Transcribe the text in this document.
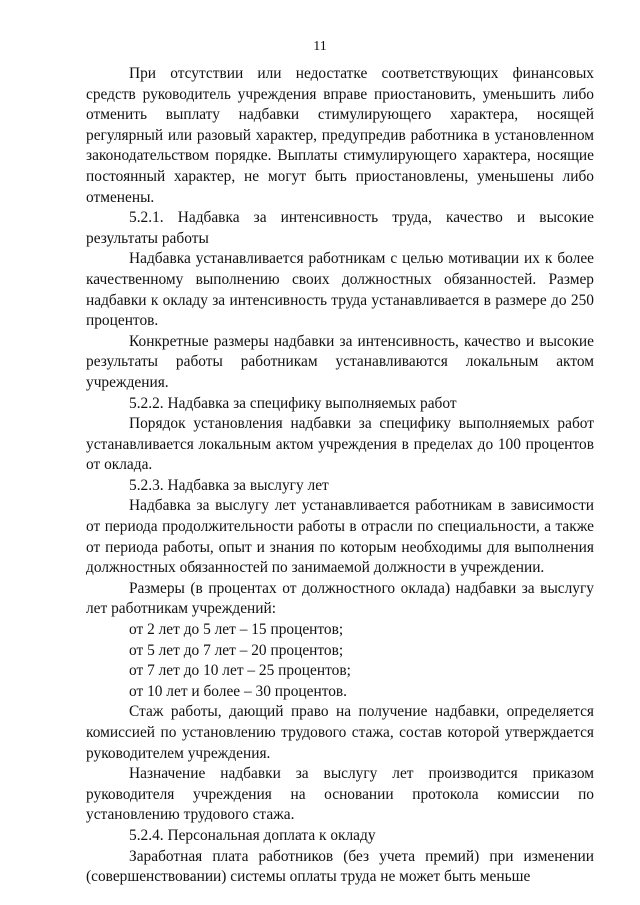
11

При отсутствии или недостатке соответствующих финансовых средств руководитель учреждения вправе приостановить, уменьшить либо отменить выплату надбавки стимулирующего характера, носящей регулярный или разовый характер, предупредив работника в установленном законодательством порядке. Выплаты стимулирующего характера, носящие постоянный характер, не могут быть приостановлены, уменьшены либо отменены.

5.2.1. Надбавка за интенсивность труда, качество и высокие результаты работы

Надбавка устанавливается работникам с целью мотивации их к более качественному выполнению своих должностных обязанностей. Размер надбавки к окладу за интенсивность труда устанавливается в размере до 250 процентов.

Конкретные размеры надбавки за интенсивность, качество и высокие результаты работы работникам устанавливаются локальным актом учреждения.

5.2.2. Надбавка за специфику выполняемых работ

Порядок установления надбавки за специфику выполняемых работ устанавливается локальным актом учреждения в пределах до 100 процентов от оклада.

5.2.3. Надбавка за выслугу лет

Надбавка за выслугу лет устанавливается работникам в зависимости от периода продолжительности работы в отрасли по специальности, а также от периода работы, опыт и знания по которым необходимы для выполнения должностных обязанностей по занимаемой должности в учреждении.

Размеры (в процентах от должностного оклада) надбавки за выслугу лет работникам учреждений:

от 2 лет до 5 лет – 15 процентов;

от 5 лет до 7 лет – 20 процентов;

от 7 лет до 10 лет – 25 процентов;

от 10 лет и более – 30 процентов.

Стаж работы, дающий право на получение надбавки, определяется комиссией по установлению трудового стажа, состав которой утверждается руководителем учреждения.

Назначение надбавки за выслугу лет производится приказом руководителя учреждения на основании протокола комиссии по установлению трудового стажа.

5.2.4. Персональная доплата к окладу

Заработная плата работников (без учета премий) при изменении (совершенствовании) системы оплаты труда не может быть меньше
